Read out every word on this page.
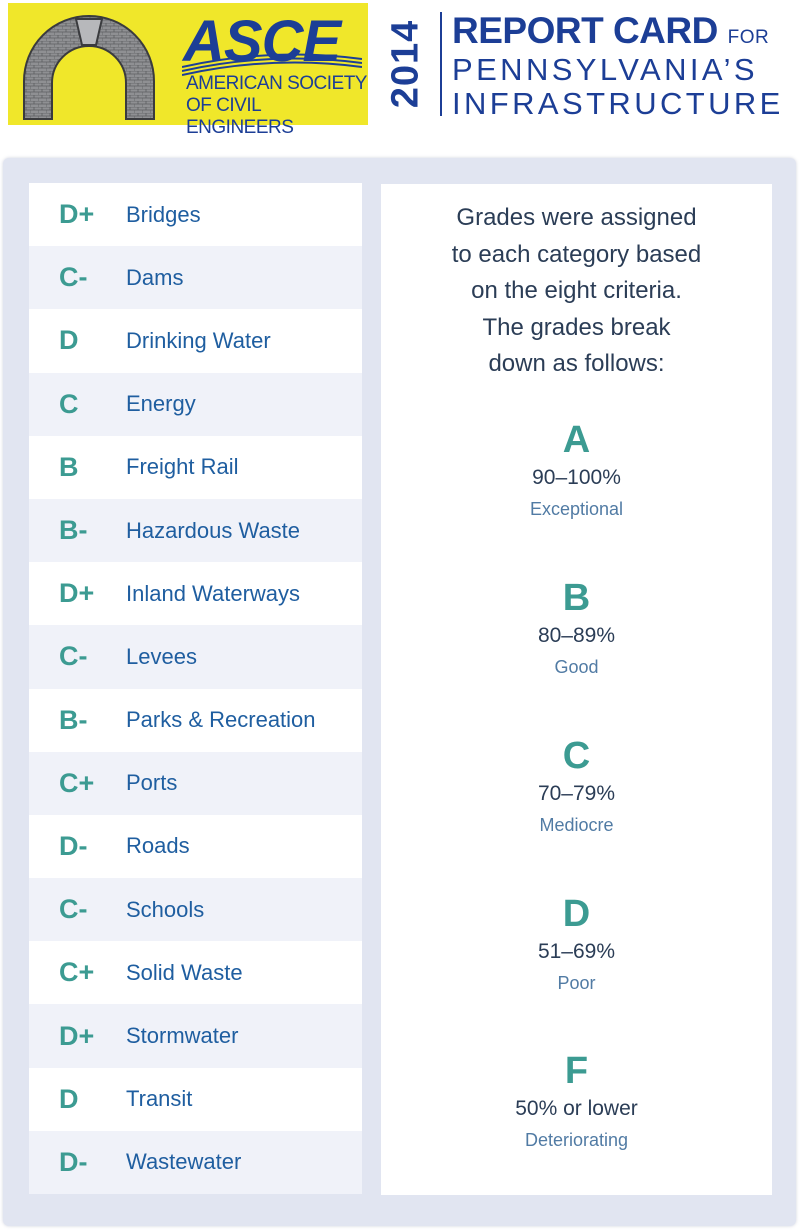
ASCE
AMERICAN SOCIETY
OF CIVIL ENGINEERS
2014 REPORT CARD FOR
PENNSYLVANIA’S
INFRASTRUCTURE
D+	Bridges
C-	Dams
D	Drinking Water
C	Energy
B	Freight Rail
B-	Hazardous Waste
D+	Inland Waterways
C-	Levees
B-	Parks & Recreation
C+	Ports
D-	Roads
C-	Schools
C+	Solid Waste
D+	Stormwater
D	Transit
D-	Wastewater
Grades were assigned
to each category based
on the eight criteria.
The grades break
down as follows:
A
90–100%
Exceptional
B
80–89%
Good
C
70–79%
Mediocre
D
51–69%
Poor
F
50% or lower
Deteriorating
